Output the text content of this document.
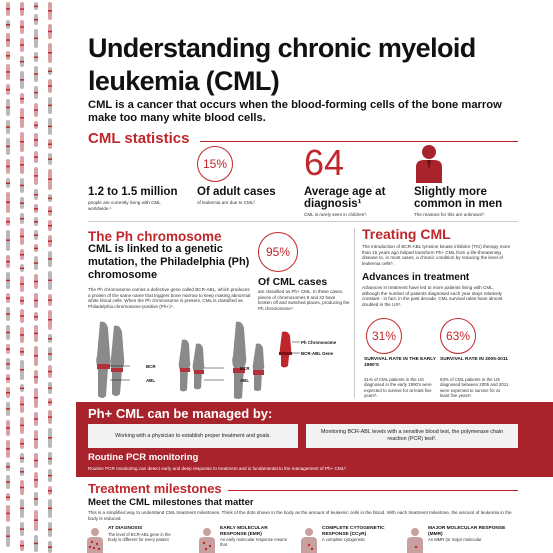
Understanding chronic myeloid leukemia (CML)
CML is a cancer that occurs when the blood-forming cells of the bone marrow make too many white blood cells.
CML statistics
1.2 to 1.5 million
people are currently living with CML worldwide.¹
15%
Of adult cases
of leukemia are due to CML²
64
Average age at diagnosis¹
CML is rarely seen in children³.
Slightly more common in men
The reasons for this are unknown³.
The Ph chromosome
CML is linked to a genetic mutation, the Philadelphia (Ph) chromosome
The Ph chromosome carries a defective gene called BCR-ABL, which produces a protein of the same name that triggers bone marrow to keep making abnormal white blood cells. When the Ph chromosome is present, CML is classified as Philadelphia chromosome-positive (Ph+)⁴.
95%
Of CML cases
are classified as Ph+ CML. In these cases, pieces of chromosomes 9 and 22 have broken off and switched places, producing the Ph chromosome⁴.
BCR
ABL
BCR
ABL
Ph Chromosome
BCR-ABL Gene
Treating CML
The introduction of BCR-ABL tyrosine kinase inhibitor (TKI) therapy more than 15 years ago helped transform Ph+ CML from a life-threatening disease to, in most cases, a chronic condition by reducing the level of leukemia cells⁵.
Advances in treatment
Advances in treatment have led to more patients living with CML, although the number of patients diagnosed each year stays relatively constant - in fact, in the past decade, CML survival rates have almost doubled in the US⁶.
31%
SURVIVAL RATE IN THE EARLY 1990'S
31% of CML patients in the US diagnosed in the early 1990's were expected to survive for at least five years⁶.
63%
SURVIVAL RATE IN 2005-2011
63% of CML patients in the US diagnosed between 2005 and 2011 were expected to survive for at least five years⁶.
Ph+ CML can be managed by:
Working with a physician to establish proper treatment and goals.
Monitoring BCR-ABL levels with a sensitive blood test, the polymerase chain reaction (PCR) test².
Routine PCR monitoring
Routine PCR monitoring can detect early and deep response to treatment and is fundamental to the management of Ph+ CML².
Treatment milestones
Meet the CML milestones that matter
This is a simplified way to understand CML treatment milestones. Think of the dots shown in the body as the amount of leukemic cells in the blood. With each treatment milestone, the amount of leukemia in the body is reduced.
AT DIAGNOSIS
The level of BCR-ABL gene in the body is different for every patient
EARLY MOLECULAR RESPONSE (EMR)
An early molecular response means that
COMPLETE CYTOGENETIC RESPONSE (CCyR)
A complete cytogenetic
MAJOR MOLECULAR RESPONSE (MMR)
An MMR (or major molecular
